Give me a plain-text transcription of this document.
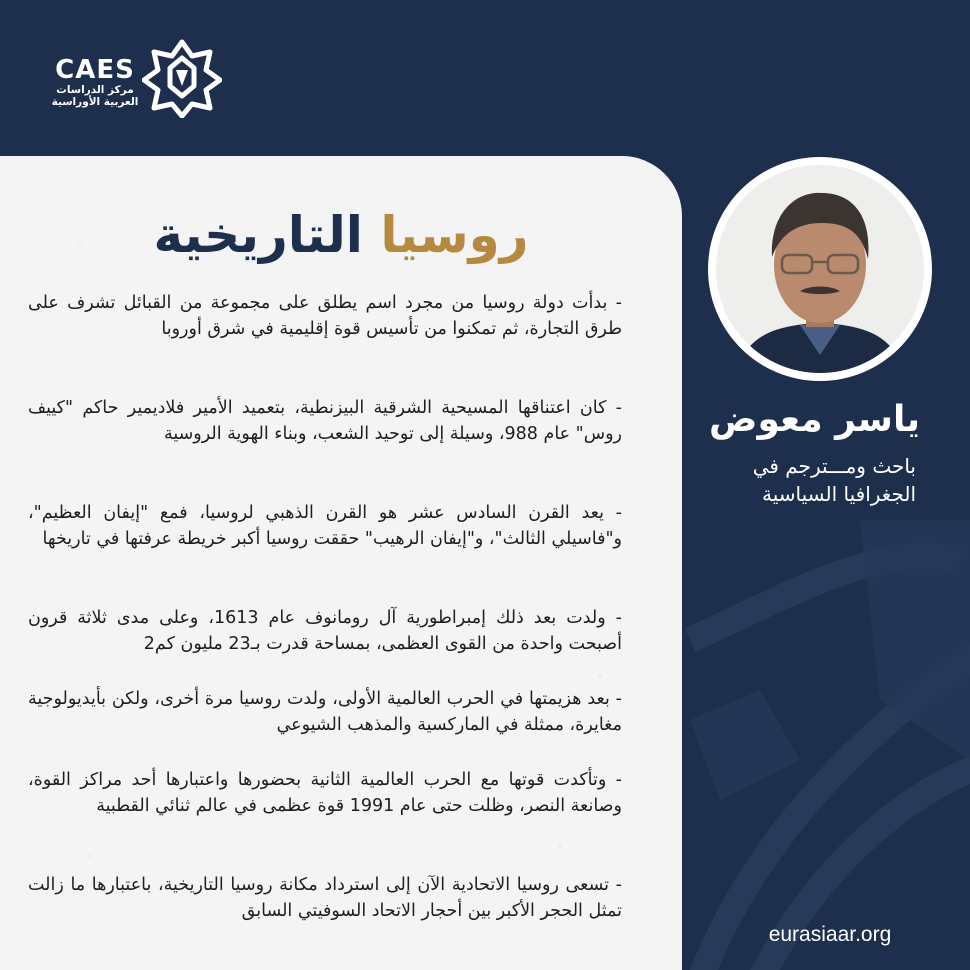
CAES
مركز الدراسات
العربية الأوراسية
روسيا التاريخية

- بدأت دولة روسيا من مجرد اسم يطلق على مجموعة من القبائل تشرف على طرق التجارة، ثم تمكنوا من تأسيس قوة إقليمية في شرق أوروبا

- كان اعتناقها المسيحية الشرقية البيزنطية، بتعميد الأمير فلاديمير حاكم "كييف روس" عام 988، وسيلة إلى توحيد الشعب، وبناء الهوية الروسية

- يعد القرن السادس عشر هو القرن الذهبي لروسيا، فمع "إيفان العظيم"، و"فاسيلي الثالث"، و"إيفان الرهيب" حققت روسيا أكبر خريطة عرفتها في تاريخها

- ولدت بعد ذلك إمبراطورية آل رومانوف عام 1613، وعلى مدى ثلاثة قرون أصبحت واحدة من القوى العظمى، بمساحة قدرت بـ23 مليون كم2

- بعد هزيمتها في الحرب العالمية الأولى، ولدت روسيا مرة أخرى، ولكن بأيديولوجية مغايرة، ممثلة في الماركسية والمذهب الشيوعي

- وتأكدت قوتها مع الحرب العالمية الثانية بحضورها واعتبارها أحد مراكز القوة، وصانعة النصر، وظلت حتى عام 1991 قوة عظمى في عالم ثنائي القطبية

- تسعى روسيا الاتحادية الآن إلى استرداد مكانة روسيا التاريخية، باعتبارها ما زالت تمثل الحجر الأكبر بين أحجار الاتحاد السوفيتي السابق

ياسر معوض
باحث ومـــترجم في
الجغرافيا السياسية
eurasiaar.org
